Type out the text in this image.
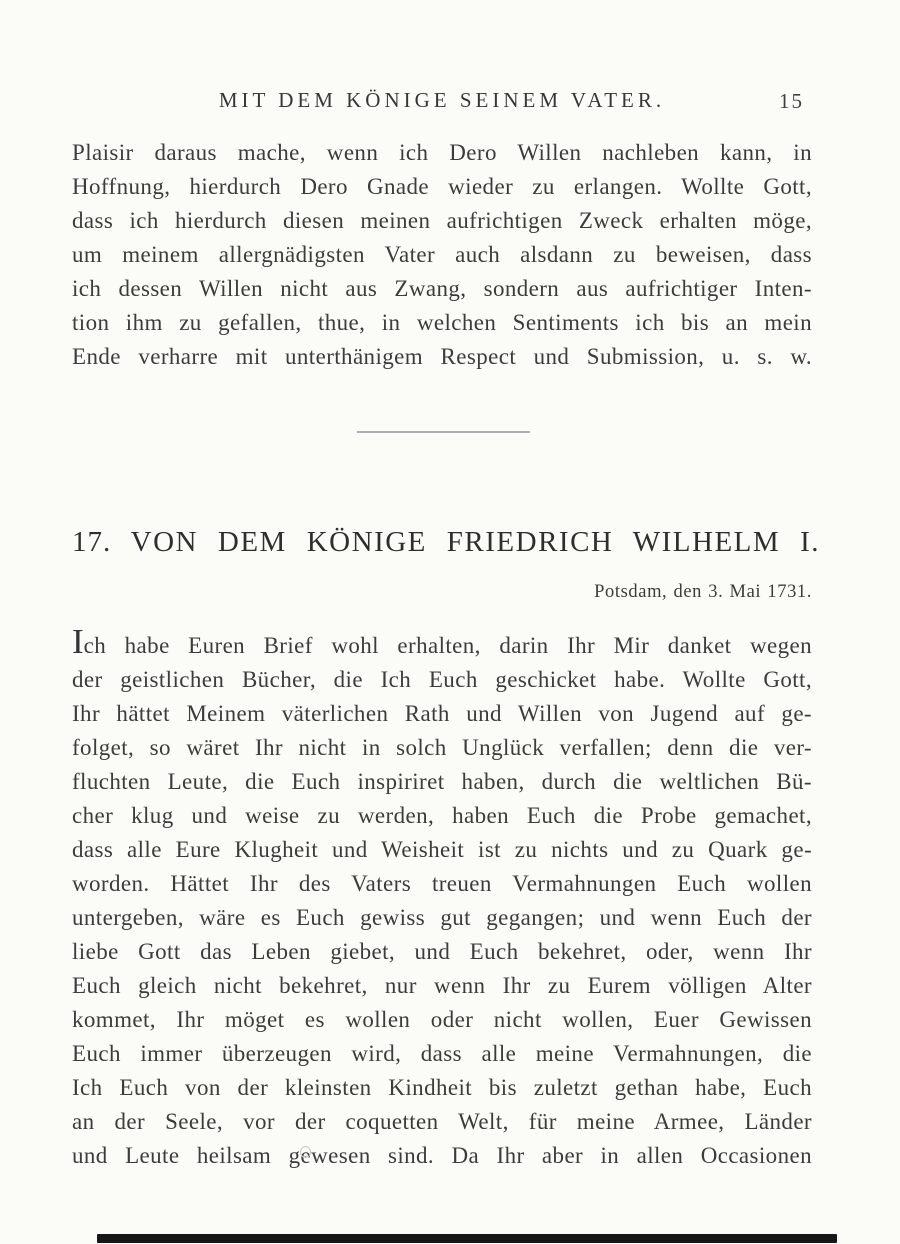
MIT DEM KÖNIGE SEINEM VATER.	15
Plaisir daraus mache, wenn ich Dero Willen nachleben kann, in
Hoffnung, hierdurch Dero Gnade wieder zu erlangen. Wollte Gott,
dass ich hierdurch diesen meinen aufrichtigen Zweck erhalten möge,
um meinem allergnädigsten Vater auch alsdann zu beweisen, dass
ich dessen Willen nicht aus Zwang, sondern aus aufrichtiger Inten-
tion ihm zu gefallen, thue, in welchen Sentiments ich bis an mein
Ende verharre mit unterthänigem Respect und Submission, u. s. w.
17. VON DEM KÖNIGE FRIEDRICH WILHELM I.
Potsdam, den 3. Mai 1731.
Ich habe Euren Brief wohl erhalten, darin Ihr Mir danket wegen
der geistlichen Bücher, die Ich Euch geschicket habe. Wollte Gott,
Ihr hättet Meinem väterlichen Rath und Willen von Jugend auf ge-
folget, so wäret Ihr nicht in solch Unglück verfallen; denn die ver-
fluchten Leute, die Euch inspiriret haben, durch die weltlichen Bü-
cher klug und weise zu werden, haben Euch die Probe gemachet,
dass alle Eure Klugheit und Weisheit ist zu nichts und zu Quark ge-
worden. Hättet Ihr des Vaters treuen Vermahnungen Euch wollen
untergeben, wäre es Euch gewiss gut gegangen; und wenn Euch der
liebe Gott das Leben giebet, und Euch bekehret, oder, wenn Ihr
Euch gleich nicht bekehret, nur wenn Ihr zu Eurem völligen Alter
kommet, Ihr möget es wollen oder nicht wollen, Euer Gewissen
Euch immer überzeugen wird, dass alle meine Vermahnungen, die
Ich Euch von der kleinsten Kindheit bis zuletzt gethan habe, Euch
an der Seele, vor der coquetten Welt, für meine Armee, Länder
und Leute heilsam gewesen sind. Da Ihr aber in allen Occasionen
